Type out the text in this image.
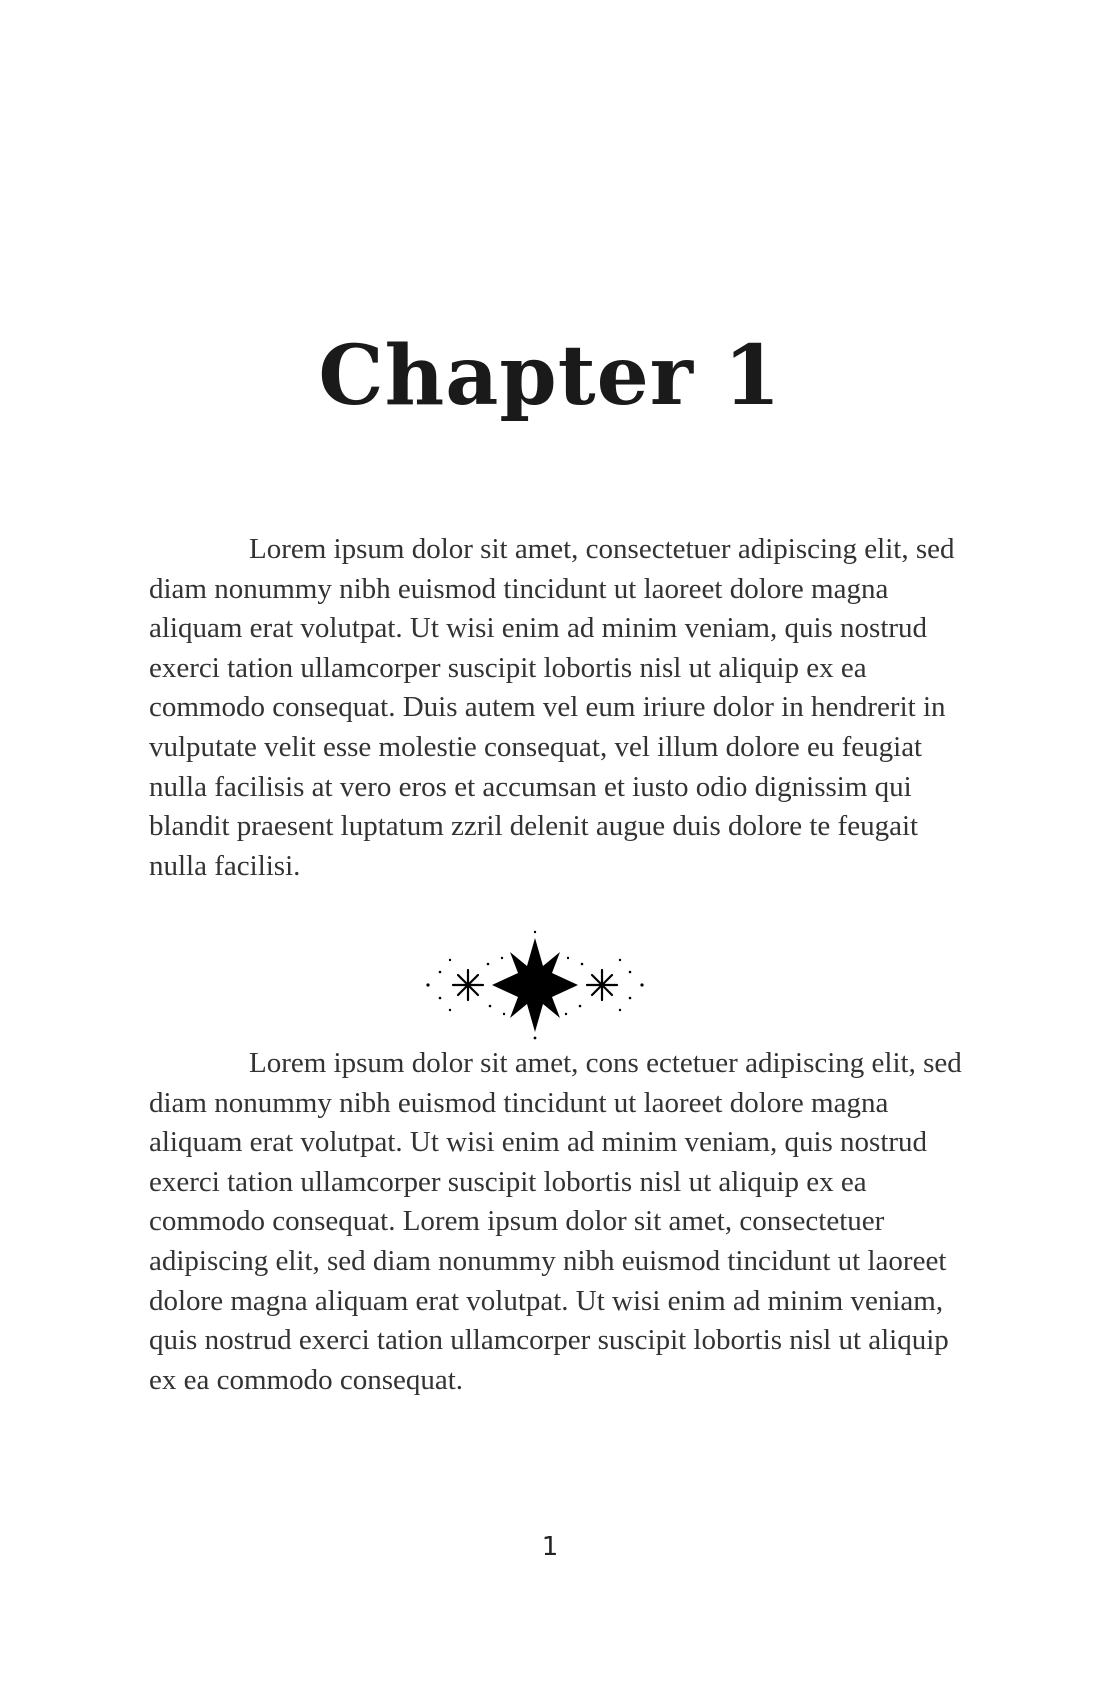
Chapter 1

Lorem ipsum dolor sit amet, consectetuer adipiscing elit, sed diam nonummy nibh euismod tincidunt ut laoreet dolore magna aliquam erat volutpat. Ut wisi enim ad minim veniam, quis nostrud exerci tation ullamcorper suscipit lobortis nisl ut aliquip ex ea commodo consequat. Duis autem vel eum iriure dolor in hendrerit in vulputate velit esse molestie consequat, vel illum dolore eu feugiat nulla facilisis at vero eros et accumsan et iusto odio dignissim qui blandit praesent luptatum zzril delenit augue duis dolore te feugait nulla facilisi.

Lorem ipsum dolor sit amet, cons ectetuer adipiscing elit, sed diam nonummy nibh euismod tincidunt ut laoreet dolore magna aliquam erat volutpat. Ut wisi enim ad minim veniam, quis nostrud exerci tation ullamcorper suscipit lobortis nisl ut aliquip ex ea commodo consequat. Lorem ipsum dolor sit amet, consectetuer adipiscing elit, sed diam nonummy nibh euismod tincidunt ut laoreet dolore magna aliquam erat volutpat. Ut wisi enim ad minim veniam, quis nostrud exerci tation ullamcorper suscipit lobortis nisl ut aliquip ex ea commodo consequat.

1
